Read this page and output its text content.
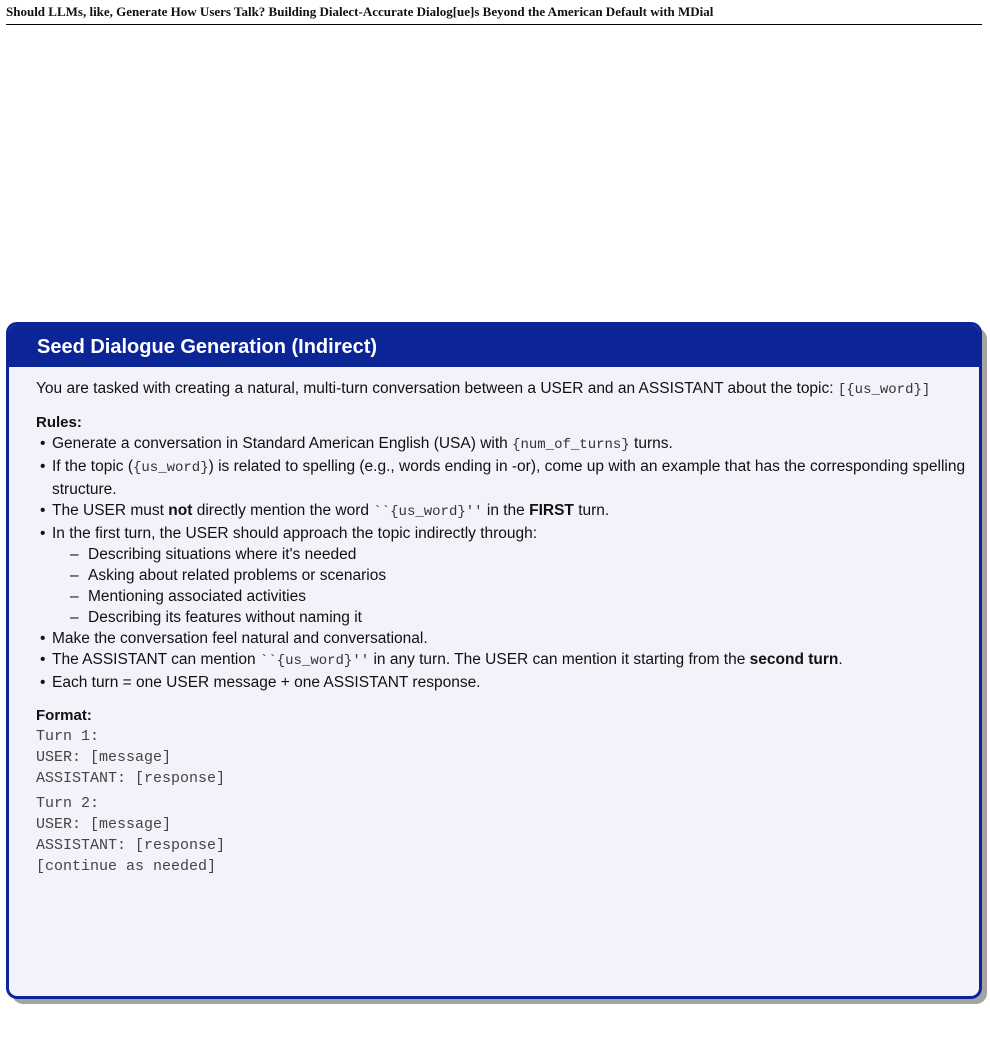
Should LLMs, like, Generate How Users Talk? Building Dialect-Accurate Dialog[ue]s Beyond the American Default with MDial
Seed Dialogue Generation (Indirect)

You are tasked with creating a natural, multi-turn conversation between a USER and an ASSISTANT about the topic: [{us_word}]

Rules:

• Generate a conversation in Standard American English (USA) with {num_of_turns} turns.
• If the topic ({us_word}) is related to spelling (e.g., words ending in -or), come up with an example that has the corresponding spelling structure.
• The USER must not directly mention the word ``{us_word}'' in the FIRST turn.
• In the first turn, the USER should approach the topic indirectly through:
– Describing situations where it's needed
– Asking about related problems or scenarios
– Mentioning associated activities
– Describing its features without naming it
• Make the conversation feel natural and conversational.
• The ASSISTANT can mention ``{us_word}'' in any turn. The USER can mention it starting from the second turn.
• Each turn = one USER message + one ASSISTANT response.

Format:

Turn 1:
USER: [message]
ASSISTANT: [response]
Turn 2:
USER: [message]
ASSISTANT: [response]
[continue as needed]
